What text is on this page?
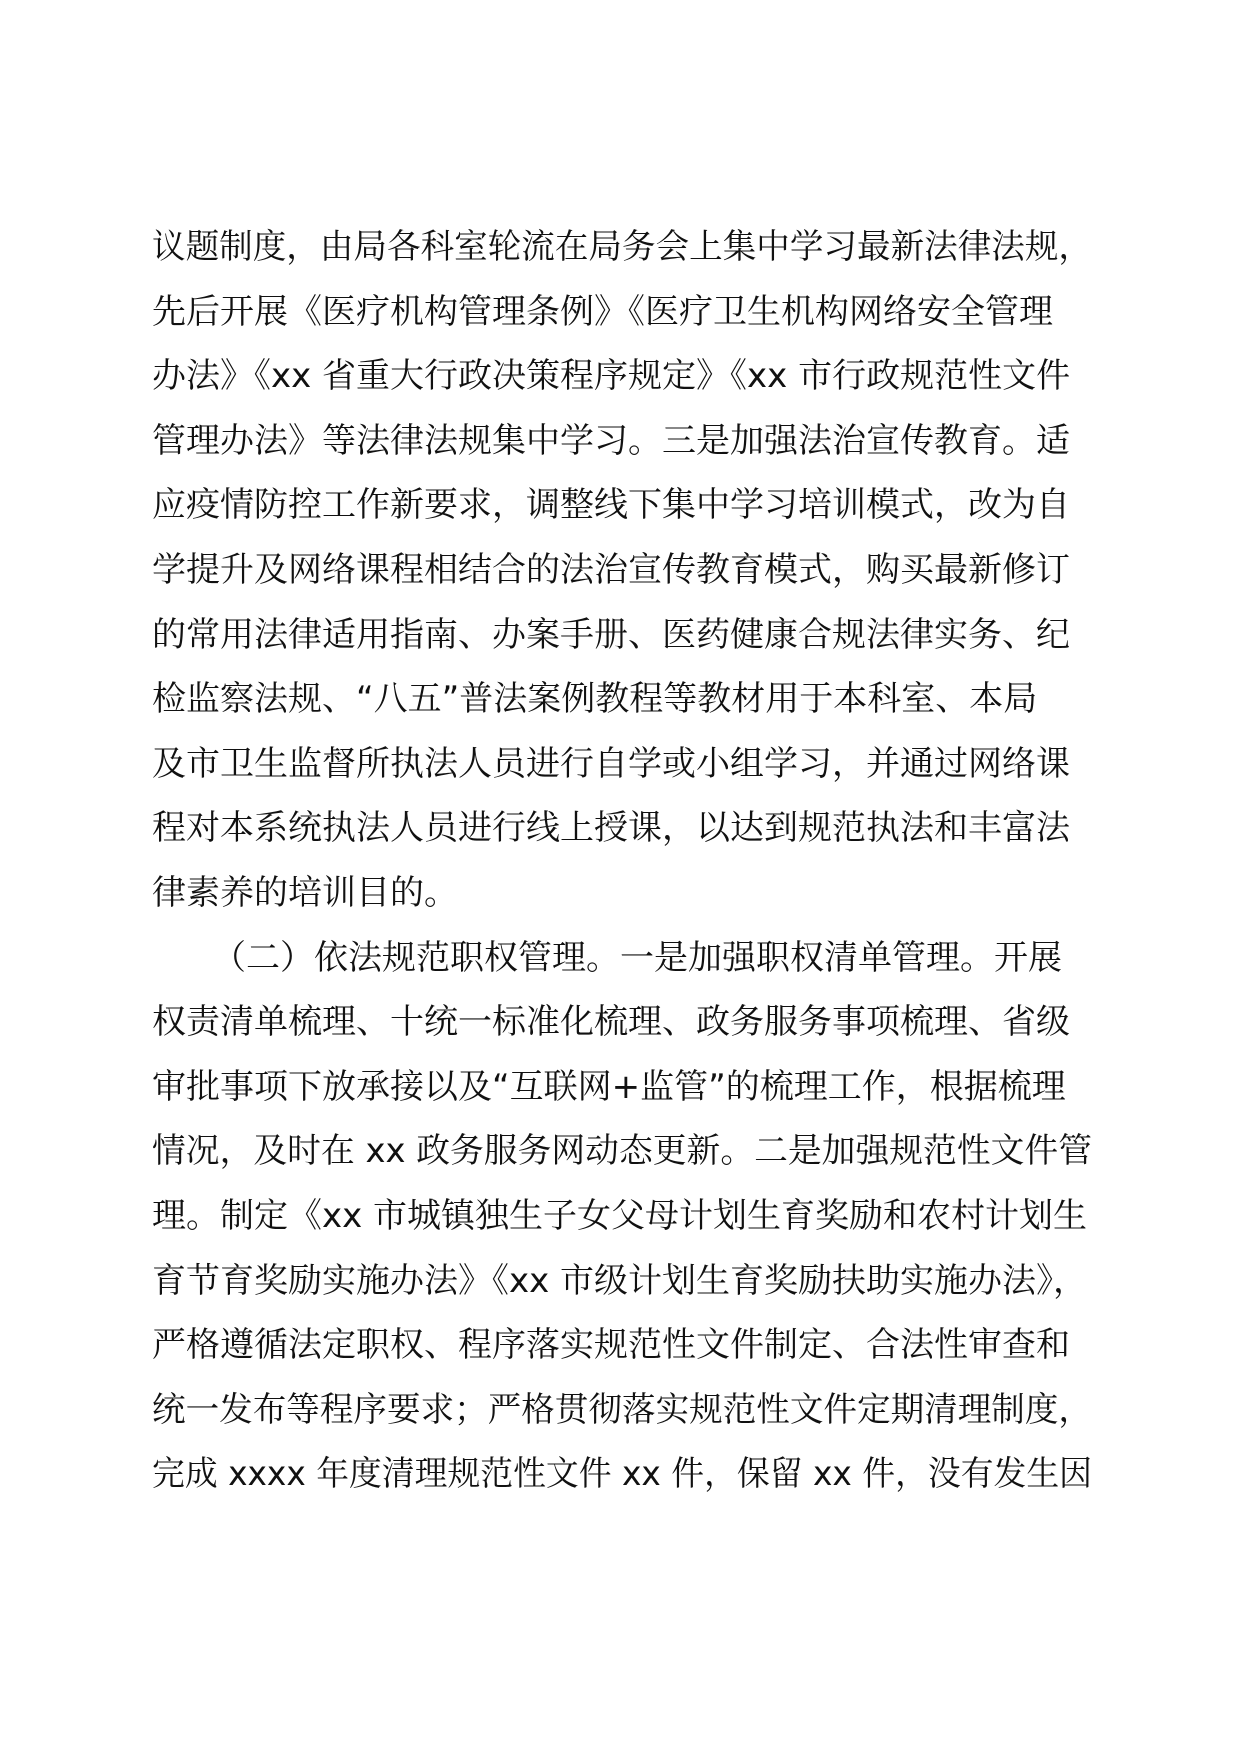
议题制度，由局各科室轮流在局务会上集中学习最新法律法规，
先后开展《医疗机构管理条例》《医疗卫生机构网络安全管理
办法》《xx 省重大行政决策程序规定》《xx 市行政规范性文件
管理办法》等法律法规集中学习。三是加强法治宣传教育。适
应疫情防控工作新要求，调整线下集中学习培训模式，改为自
学提升及网络课程相结合的法治宣传教育模式，购买最新修订
的常用法律适用指南、办案手册、医药健康合规法律实务、纪
检监察法规、“八五”普法案例教程等教材用于本科室、本局
及市卫生监督所执法人员进行自学或小组学习，并通过网络课
程对本系统执法人员进行线上授课，以达到规范执法和丰富法
律素养的培训目的。
（二）依法规范职权管理。一是加强职权清单管理。开展
权责清单梳理、十统一标准化梳理、政务服务事项梳理、省级
审批事项下放承接以及“互联网+监管”的梳理工作，根据梳理
情况，及时在 xx 政务服务网动态更新。二是加强规范性文件管
理。制定《xx 市城镇独生子女父母计划生育奖励和农村计划生
育节育奖励实施办法》《xx 市级计划生育奖励扶助实施办法》，
严格遵循法定职权、程序落实规范性文件制定、合法性审查和
统一发布等程序要求；严格贯彻落实规范性文件定期清理制度，
完成 xxxx 年度清理规范性文件 xx 件，保留 xx 件，没有发生因
